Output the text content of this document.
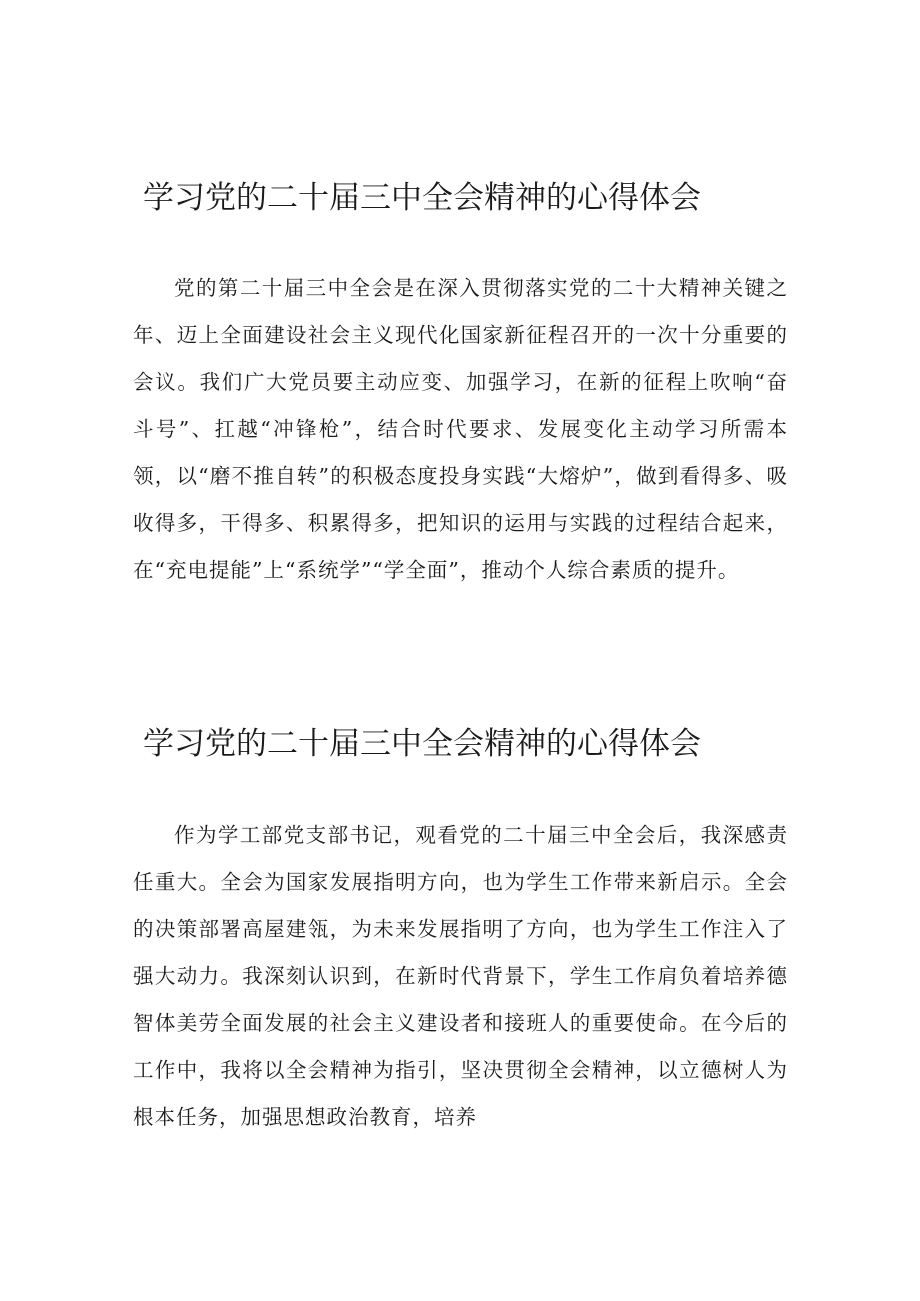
学习党的二十届三中全会精神的心得体会

党的第二十届三中全会是在深入贯彻落实党的二十大精神关键之年、迈上全面建设社会主义现代化国家新征程召开的一次十分重要的会议。我们广大党员要主动应变、加强学习，在新的征程上吹响“奋斗号”、扛越“冲锋枪”，结合时代要求、发展变化主动学习所需本领，以“磨不推自转”的积极态度投身实践“大熔炉”，做到看得多、吸收得多，干得多、积累得多，把知识的运用与实践的过程结合起来，在“充电提能”上“系统学”“学全面”，推动个人综合素质的提升。

学习党的二十届三中全会精神的心得体会

作为学工部党支部书记，观看党的二十届三中全会后，我深感责任重大。全会为国家发展指明方向，也为学生工作带来新启示。全会的决策部署高屋建瓴，为未来发展指明了方向，也为学生工作注入了强大动力。我深刻认识到，在新时代背景下，学生工作肩负着培养德智体美劳全面发展的社会主义建设者和接班人的重要使命。在今后的工作中，我将以全会精神为指引，坚决贯彻全会精神，以立德树人为根本任务，加强思想政治教育，培养
